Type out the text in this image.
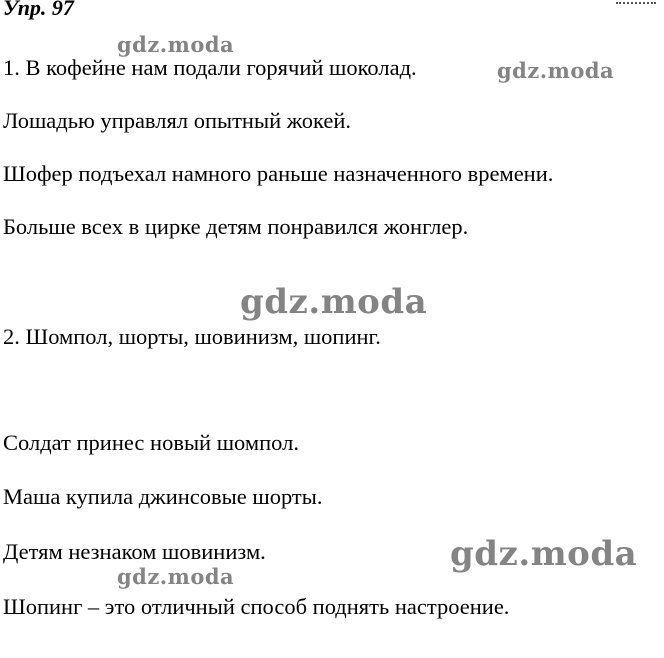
Упр. 97
1. В кофейне нам подали горячий шоколад.
Лошадью управлял опытный жокей.
Шофер подъехал намного раньше назначенного времени.
Больше всех в цирке детям понравился жонглер.
2. Шомпол, шорты, шовинизм, шопинг.
Солдат принес новый шомпол.
Маша купила джинсовые шорты.
Детям незнаком шовинизм.
Шопинг – это отличный способ поднять настроение.
gdz.moda
gdz.moda
gdz.moda
gdz.moda
gdz.moda
